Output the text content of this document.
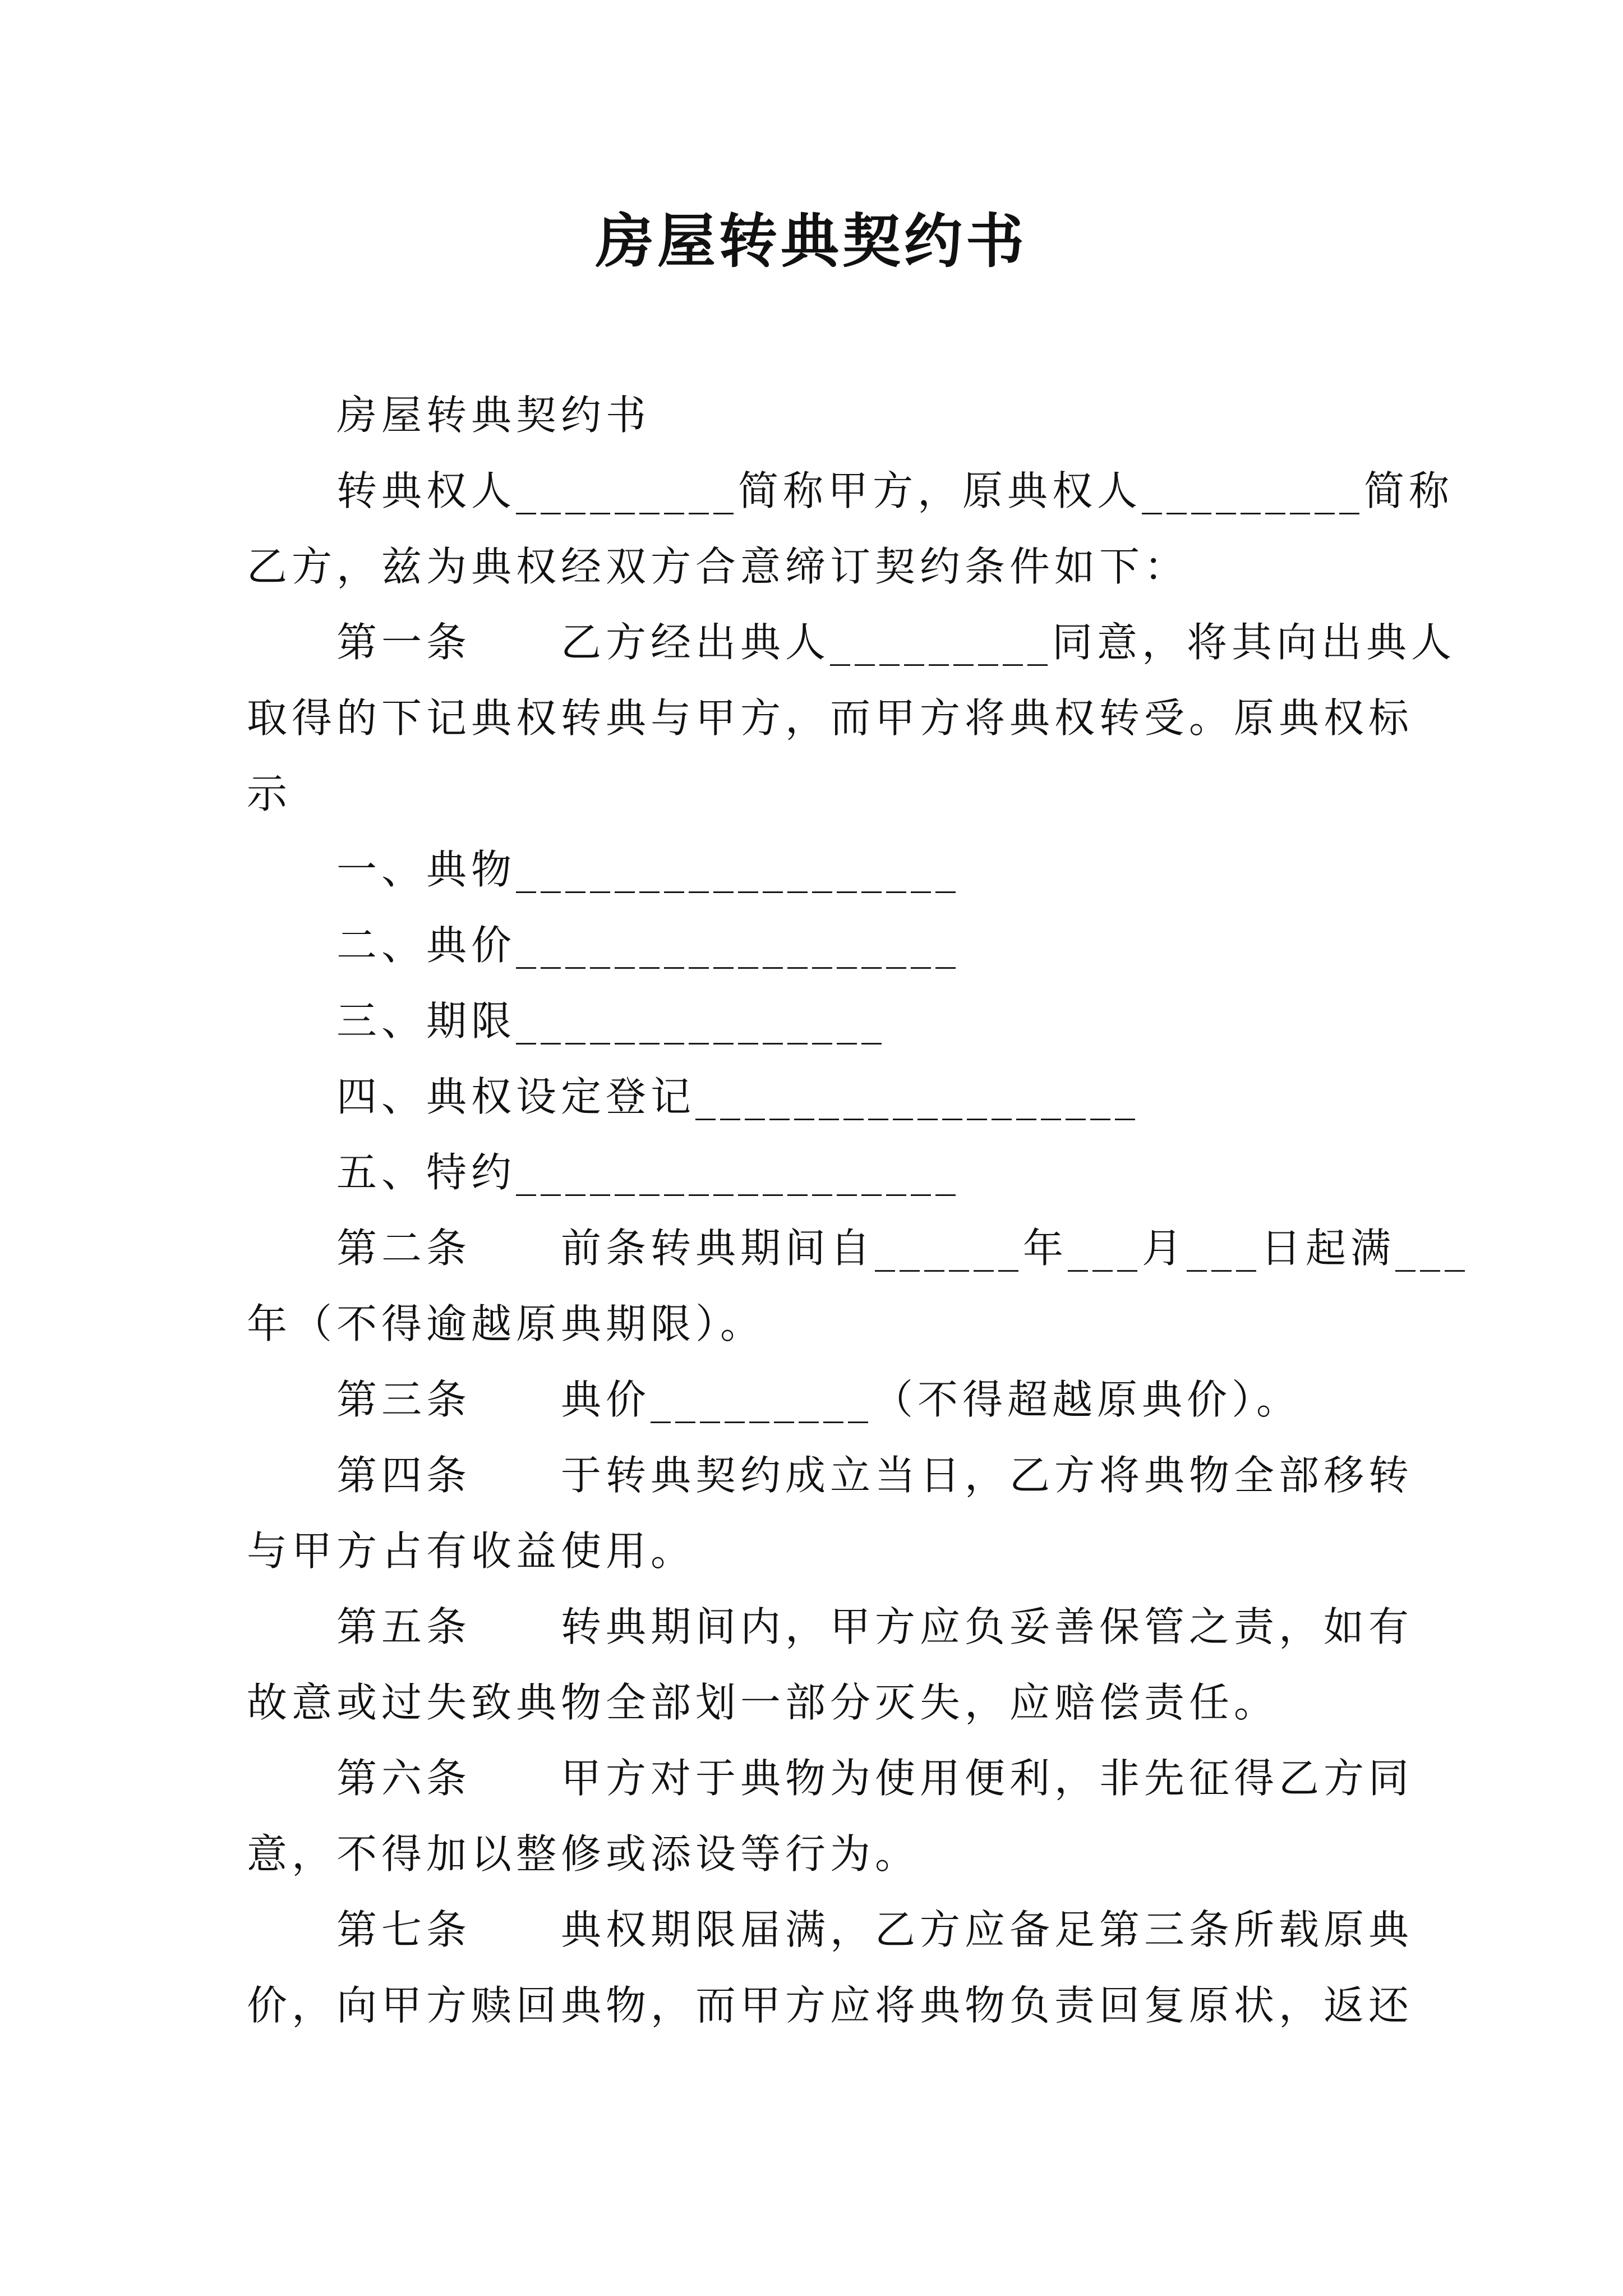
房屋转典契约书
房屋转典契约书
转典权人_________简称甲方，原典权人_________简称
乙方，兹为典权经双方合意缔订契约条件如下：
第一条　　乙方经出典人_________同意，将其向出典人
取得的下记典权转典与甲方，而甲方将典权转受。原典权标
示
一、典物__________________
二、典价__________________
三、期限_______________
四、典权设定登记__________________
五、特约__________________
第二条　　前条转典期间自______年___月___日起满___
年（不得逾越原典期限）。
第三条　　典价_________（不得超越原典价）。
第四条　　于转典契约成立当日，乙方将典物全部移转
与甲方占有收益使用。
第五条　　转典期间内，甲方应负妥善保管之责，如有
故意或过失致典物全部划一部分灭失，应赔偿责任。
第六条　　甲方对于典物为使用便利，非先征得乙方同
意，不得加以整修或添设等行为。
第七条　　典权期限届满，乙方应备足第三条所载原典
价，向甲方赎回典物，而甲方应将典物负责回复原状，返还
